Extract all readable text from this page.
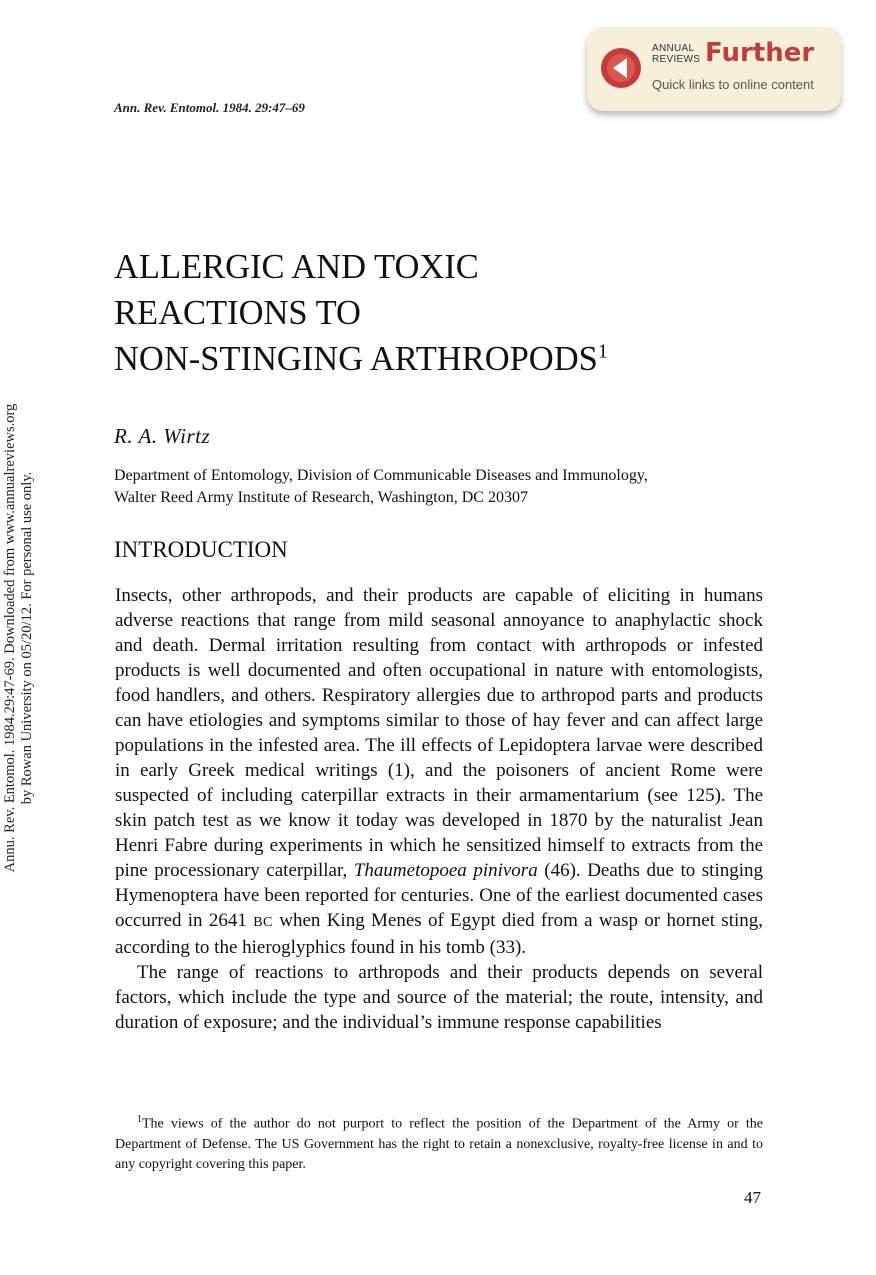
ANNUAL
REVIEWS Further
Quick links to online content
Ann. Rev. Entomol. 1984. 29:47–69
Annu. Rev. Entomol. 1984.29:47-69. Downloaded from www.annualreviews.org by Rowan University on 05/20/12. For personal use only.
ALLERGIC AND TOXIC
REACTIONS TO
NON-STINGING ARTHROPODS$^1$
R. A. Wirtz
Department of Entomology, Division of Communicable Diseases and Immunology,
Walter Reed Army Institute of Research, Washington, DC 20307
INTRODUCTION

Insects, other arthropods, and their products are capable of eliciting in humans adverse reactions that range from mild seasonal annoyance to anaphylactic shock and death. Dermal irritation resulting from contact with arthropods or infested products is well documented and often occupational in nature with entomologists, food handlers, and others. Respiratory allergies due to arthropod parts and products can have etiologies and symptoms similar to those of hay fever and can affect large populations in the infested area. The ill effects of Lepidoptera larvae were described in early Greek medical writings (1), and the poisoners of ancient Rome were suspected of including caterpillar extracts in their armamentarium (see 125). The skin patch test as we know it today was developed in 1870 by the naturalist Jean Henri Fabre during experiments in which he sensitized himself to extracts from the pine processionary caterpillar, Thaumetopoea pinivora (46). Deaths due to stinging Hymenoptera have been reported for centuries. One of the earliest documented cases occurred in 2641 BC when King Menes of Egypt died from a wasp or hornet sting, according to the hieroglyphics found in his tomb (33).

The range of reactions to arthropods and their products depends on several factors, which include the type and source of the material; the route, intensity, and duration of exposure; and the individual’s immune response capabilities

$^1$The views of the author do not purport to reflect the position of the Department of the Army or the Department of Defense. The US Government has the right to retain a nonexclusive, royalty-free license in and to any copyright covering this paper.
47
